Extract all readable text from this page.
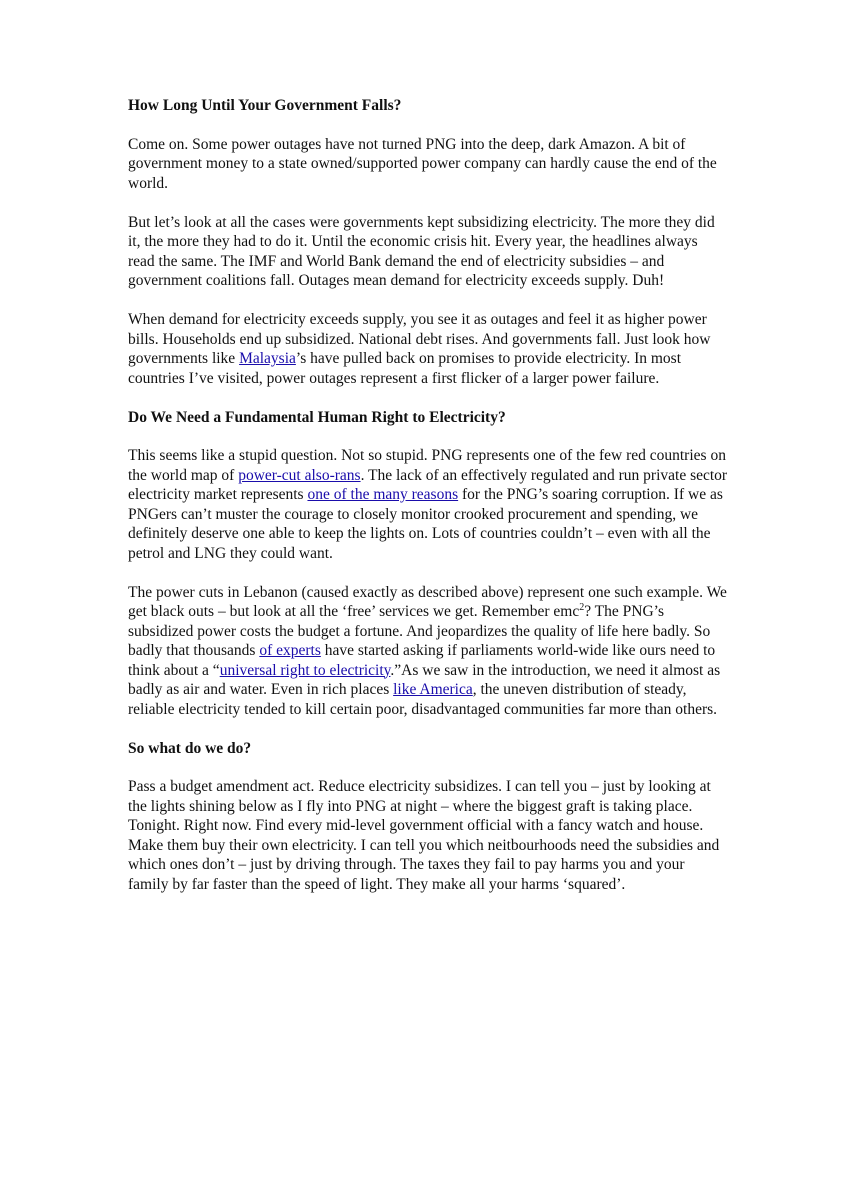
How Long Until Your Government Falls?

Come on. Some power outages have not turned PNG into the deep, dark Amazon. A bit of government money to a state owned/supported power company can hardly cause the end of the world.

But let’s look at all the cases were governments kept subsidizing electricity. The more they did it, the more they had to do it. Until the economic crisis hit. Every year, the headlines always read the same. The IMF and World Bank demand the end of electricity subsidies – and government coalitions fall. Outages mean demand for electricity exceeds supply. Duh!

When demand for electricity exceeds supply, you see it as outages and feel it as higher power bills. Households end up subsidized. National debt rises. And governments fall. Just look how governments like Malaysia’s have pulled back on promises to provide electricity. In most countries I’ve visited, power outages represent a first flicker of a larger power failure.

Do We Need a Fundamental Human Right to Electricity?

This seems like a stupid question. Not so stupid. PNG represents one of the few red countries on the world map of power-cut also-rans. The lack of an effectively regulated and run private sector electricity market represents one of the many reasons for the PNG’s soaring corruption. If we as PNGers can’t muster the courage to closely monitor crooked procurement and spending, we definitely deserve one able to keep the lights on. Lots of countries couldn’t – even with all the petrol and LNG they could want.

The power cuts in Lebanon (caused exactly as described above) represent one such example. We get black outs – but look at all the ‘free’ services we get. Remember emc$^2$? The PNG’s subsidized power costs the budget a fortune. And jeopardizes the quality of life here badly. So badly that thousands of experts have started asking if parliaments world-wide like ours need to think about a “universal right to electricity.”As we saw in the introduction, we need it almost as badly as air and water. Even in rich places like America, the uneven distribution of steady, reliable electricity tended to kill certain poor, disadvantaged communities far more than others.

So what do we do?

Pass a budget amendment act. Reduce electricity subsidizes. I can tell you – just by looking at the lights shining below as I fly into PNG at night – where the biggest graft is taking place. Tonight. Right now. Find every mid-level government official with a fancy watch and house. Make them buy their own electricity. I can tell you which neitbourhoods need the subsidies and which ones don’t – just by driving through. The taxes they fail to pay harms you and your family by far faster than the speed of light. They make all your harms ‘squared’.
